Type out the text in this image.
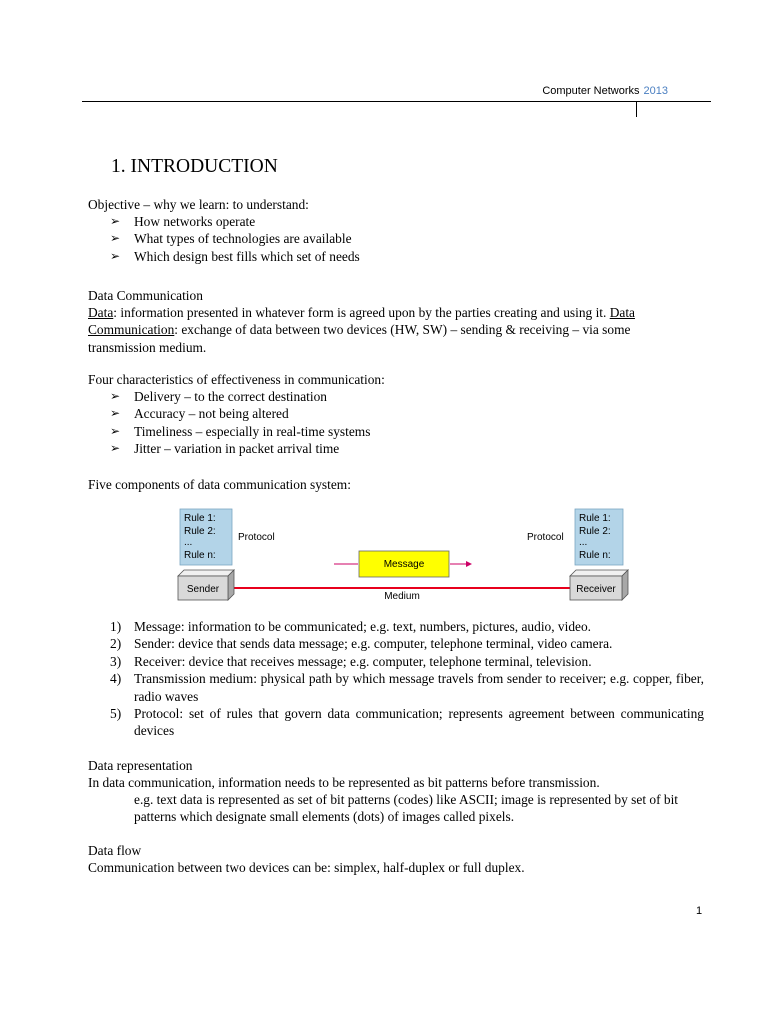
Computer Networks 2013
1. INTRODUCTION
Objective – why we learn: to understand:
➢ How networks operate
➢ What types of technologies are available
➢ Which design best fills which set of needs
Data Communication
Data: information presented in whatever form is agreed upon by the parties creating and using it. Data
Communication: exchange of data between two devices (HW, SW) – sending & receiving – via some
transmission medium.
Four characteristics of effectiveness in communication:
➢ Delivery – to the correct destination
➢ Accuracy – not being altered
➢ Timeliness – especially in real-time systems
➢ Jitter – variation in packet arrival time
Five components of data communication system:
1) Message: information to be communicated; e.g. text, numbers, pictures, audio, video.
2) Sender: device that sends data message; e.g. computer, telephone terminal, video camera.
3) Receiver: device that receives message; e.g. computer, telephone terminal, television.
4) Transmission medium: physical path by which message travels from sender to receiver; e.g. copper, fiber, radio waves
5) Protocol: set of rules that govern data communication; represents agreement between communicating devices
Data representation
In data communication, information needs to be represented as bit patterns before transmission.
e.g. text data is represented as set of bit patterns (codes) like ASCII; image is represented by set of bit patterns which designate small elements (dots) of images called pixels.
Data flow
Communication between two devices can be: simplex, half-duplex or full duplex.
Rule 1:
Rule 2:
...
Rule n:
Protocol
Rule 1:
Rule 2:
...
Rule n:
Protocol
Message
Medium
Sender	Receiver
1
